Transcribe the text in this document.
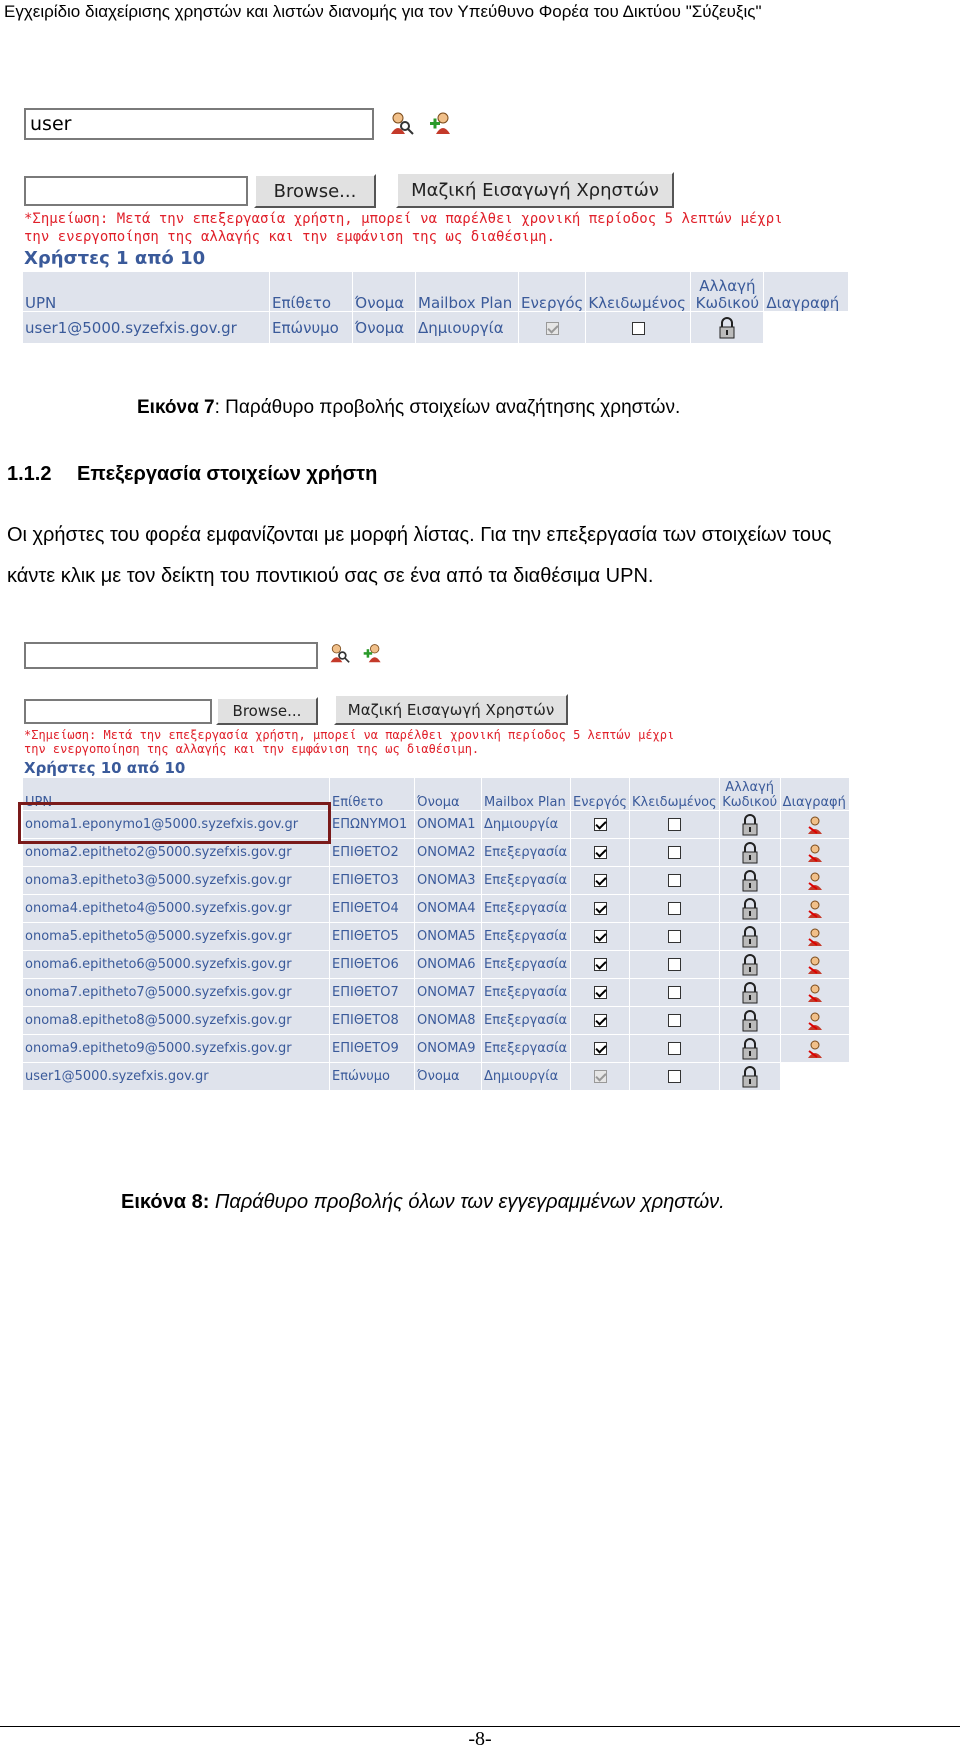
Εγχειρίδιο διαχείρισης χρηστών και λιστών διανομής για τον Υπεύθυνο Φορέα του Δικτύου "Σύζευξις"
user
Browse...	Μαζική Εισαγωγή Χρηστών
*Σημείωση: Μετά την επεξεργασία χρήστη, μπορεί να παρέλθει χρονική περίοδος 5 λεπτών μέχρι
την ενεργοποίηση της αλλαγής και την εμφάνιση της ως διαθέσιμη.
Χρήστες 1 από 10
UPN	Επίθετο	Όνομα	Mailbox Plan	Ενεργός	Κλειδωμένος	Αλλαγή Κωδικού	Διαγραφή
user1@5000.syzefxis.gov.gr	Επώνυμο	Όνομα	Δημιουργία				
Εικόνα 7: Παράθυρο προβολής στοιχείων αναζήτησης χρηστών.
1.1.2 Επεξεργασία στοιχείων χρήστη
Οι χρήστες του φορέα εμφανίζονται με μορφή λίστας. Για την επεξεργασία των στοιχείων τους
κάντε κλικ με τον δείκτη του ποντικιού σας σε ένα από τα διαθέσιμα UPN.
Browse...	Μαζική Εισαγωγή Χρηστών
*Σημείωση: Μετά την επεξεργασία χρήστη, μπορεί να παρέλθει χρονική περίοδος 5 λεπτών μέχρι
την ενεργοποίηση της αλλαγής και την εμφάνιση της ως διαθέσιμη.
Χρήστες 10 από 10
UPN	Επίθετο	Όνομα	Mailbox Plan	Ενεργός	Κλειδωμένος	Αλλαγή Κωδικού	Διαγραφή
onoma1.eponymo1@5000.syzefxis.gov.gr	ΕΠΩΝΥΜΟ1	ΟΝΟΜΑ1	Δημιουργία				
onoma2.epitheto2@5000.syzefxis.gov.gr	ΕΠΙΘΕΤΟ2	ΟΝΟΜΑ2	Επεξεργασία				
onoma3.epitheto3@5000.syzefxis.gov.gr	ΕΠΙΘΕΤΟ3	ΟΝΟΜΑ3	Επεξεργασία				
onoma4.epitheto4@5000.syzefxis.gov.gr	ΕΠΙΘΕΤΟ4	ΟΝΟΜΑ4	Επεξεργασία				
onoma5.epitheto5@5000.syzefxis.gov.gr	ΕΠΙΘΕΤΟ5	ΟΝΟΜΑ5	Επεξεργασία				
onoma6.epitheto6@5000.syzefxis.gov.gr	ΕΠΙΘΕΤΟ6	ΟΝΟΜΑ6	Επεξεργασία				
onoma7.epitheto7@5000.syzefxis.gov.gr	ΕΠΙΘΕΤΟ7	ΟΝΟΜΑ7	Επεξεργασία				
onoma8.epitheto8@5000.syzefxis.gov.gr	ΕΠΙΘΕΤΟ8	ΟΝΟΜΑ8	Επεξεργασία				
onoma9.epitheto9@5000.syzefxis.gov.gr	ΕΠΙΘΕΤΟ9	ΟΝΟΜΑ9	Επεξεργασία				
user1@5000.syzefxis.gov.gr	Επώνυμο	Όνομα	Δημιουργία				
Εικόνα 8: Παράθυρο προβολής όλων των εγγεγραμμένων χρηστών.
-8-
